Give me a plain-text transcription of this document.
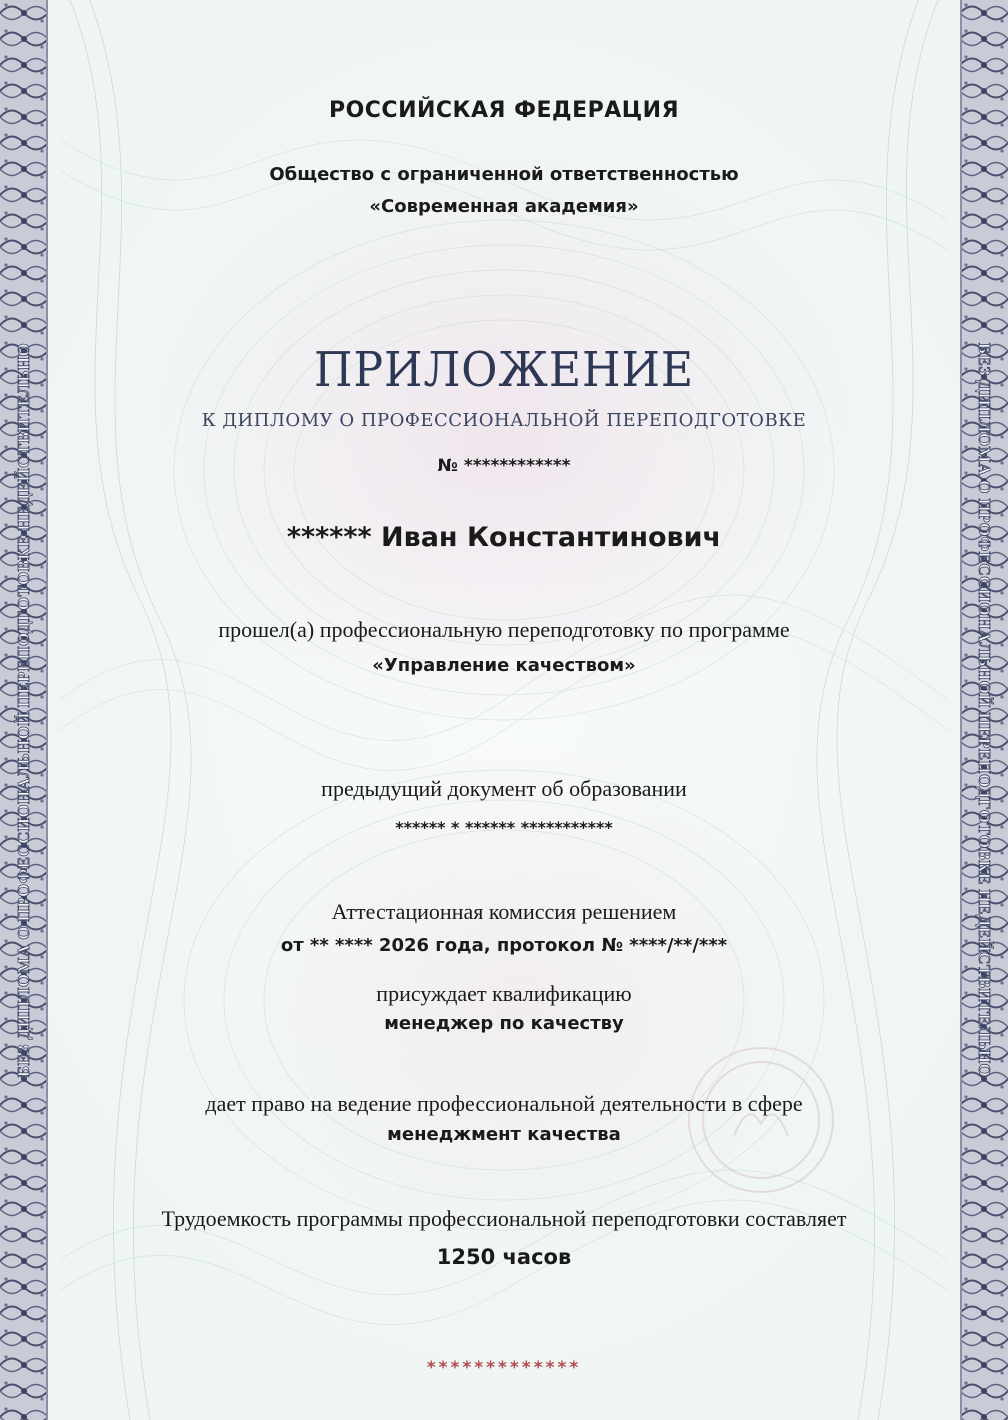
БЕЗ ДИПЛОМА О ПРОФЕССИОНАЛЬНОЙ ПЕРЕПОДГОТОВКЕ НЕДЕЙСТВИТЕЛЬНО	БЕЗ ДИПЛОМА О ПРОФЕССИОНАЛЬНОЙ ПЕРЕПОДГОТОВКЕ НЕДЕЙСТВИТЕЛЬНО
РОССИЙСКАЯ ФЕДЕРАЦИЯ
Общество с ограниченной ответственностью
«Современная академия»
ПРИЛОЖЕНИЕ
К ДИПЛОМУ О ПРОФЕССИОНАЛЬНОЙ ПЕРЕПОДГОТОВКЕ
№ ************
****** Иван Константинович
прошел(а) профессиональную переподготовку по программе
«Управление качеством»
предыдущий документ об образовании
****** * ****** ***********
Аттестационная комиссия решением
от ** **** 2026 года, протокол № ****/**/***
присуждает квалификацию
менеджер по качеству
дает право на ведение профессиональной деятельности в сфере
менеджмент качества
Трудоемкость программы профессиональной переподготовки составляет
1250 часов
*************
